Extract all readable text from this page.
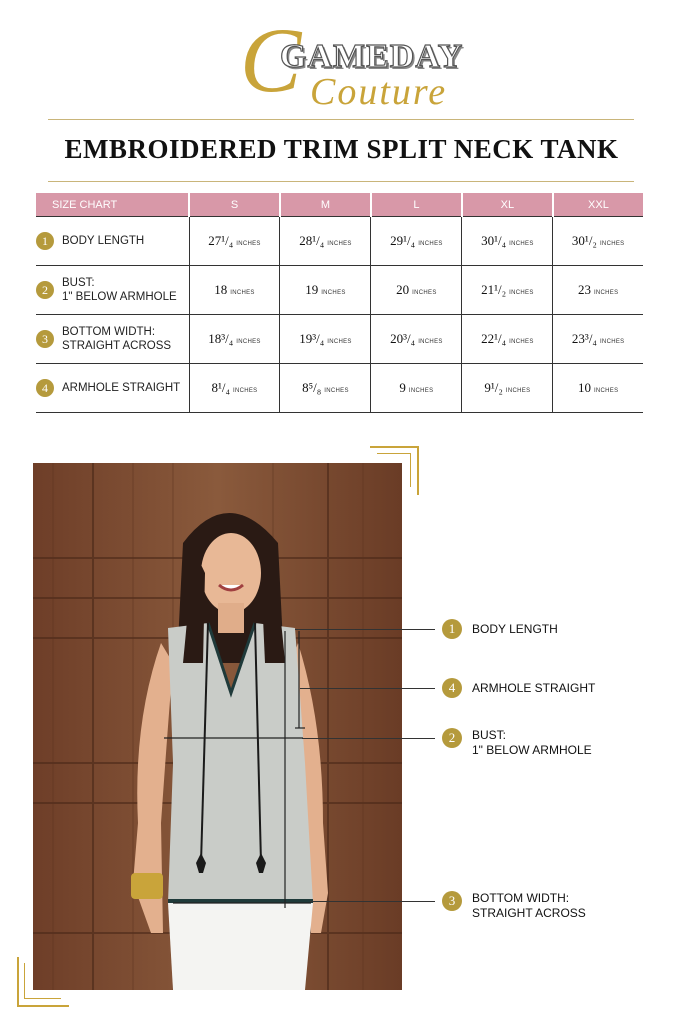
C
GAMEDAY
Couture
EMBROIDERED TRIM SPLIT NECK TANK
SIZE CHART	S	M	L	XL	XXL

1 BODY LENGTH	27¹/₄ INCHES	28¹/₄ INCHES	29¹/₄ INCHES	30¹/₄ INCHES	30¹/₂ INCHES

2 BUST:
1" BELOW ARMHOLE	18 INCHES	19 INCHES	20 INCHES	21¹/₂ INCHES	23 INCHES

3 BOTTOM WIDTH:
STRAIGHT ACROSS	18³/₄ INCHES	19³/₄ INCHES	20³/₄ INCHES	22¹/₄ INCHES	23³/₄ INCHES

4 ARMHOLE STRAIGHT	8¹/₄ INCHES	8⁵/₈ INCHES	9 INCHES	9¹/₂ INCHES	10 INCHES
1	BODY LENGTH
4	ARMHOLE STRAIGHT
2	BUST:
1" BELOW ARMHOLE
3	BOTTOM WIDTH:
STRAIGHT ACROSS
